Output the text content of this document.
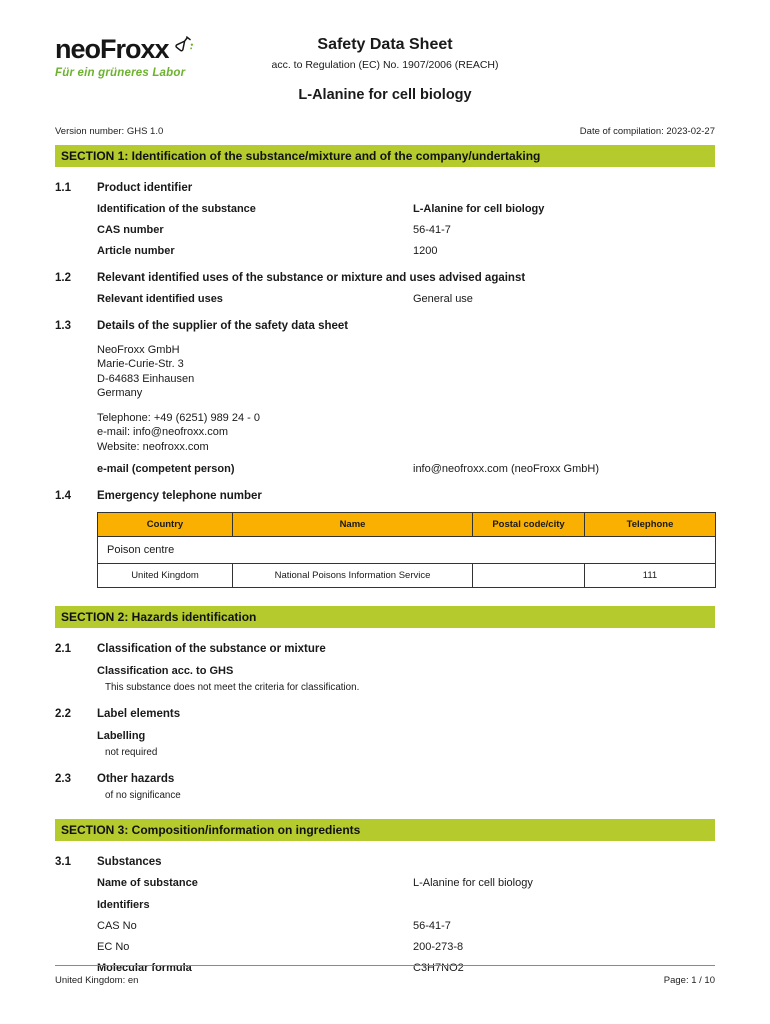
neoFroxx
Für ein grüneres Labor
Safety Data Sheet
acc. to Regulation (EC) No. 1907/2006 (REACH)
L-Alanine for cell biology
Version number: GHS 1.0	Date of compilation: 2023-02-27
SECTION 1: Identification of the substance/mixture and of the company/undertaking
1.1	Product identifier
Identification of the substance	L-Alanine for cell biology
CAS number	56-41-7
Article number	1200
1.2	Relevant identified uses of the substance or mixture and uses advised against
Relevant identified uses	General use
1.3	Details of the supplier of the safety data sheet
NeoFroxx GmbH
Marie-Curie-Str. 3
D-64683 Einhausen
Germany
Telephone: +49 (6251) 989 24 - 0
e-mail: info@neofroxx.com
Website: neofroxx.com
e-mail (competent person)	info@neofroxx.com (neoFroxx GmbH)
1.4	Emergency telephone number
Poison centre			
Country	Name	Postal code/city	Telephone
United Kingdom	National Poisons Information Service		111
SECTION 2: Hazards identification
2.1	Classification of the substance or mixture
Classification acc. to GHS
This substance does not meet the criteria for classification.
2.2	Label elements
Labelling
not required
2.3	Other hazards
of no significance
SECTION 3: Composition/information on ingredients
3.1	Substances
Name of substance	L-Alanine for cell biology
Identifiers
CAS No	56-41-7
EC No	200-273-8
Molecular formula	C3H7NO2
United Kingdom: en	Page: 1 / 10
